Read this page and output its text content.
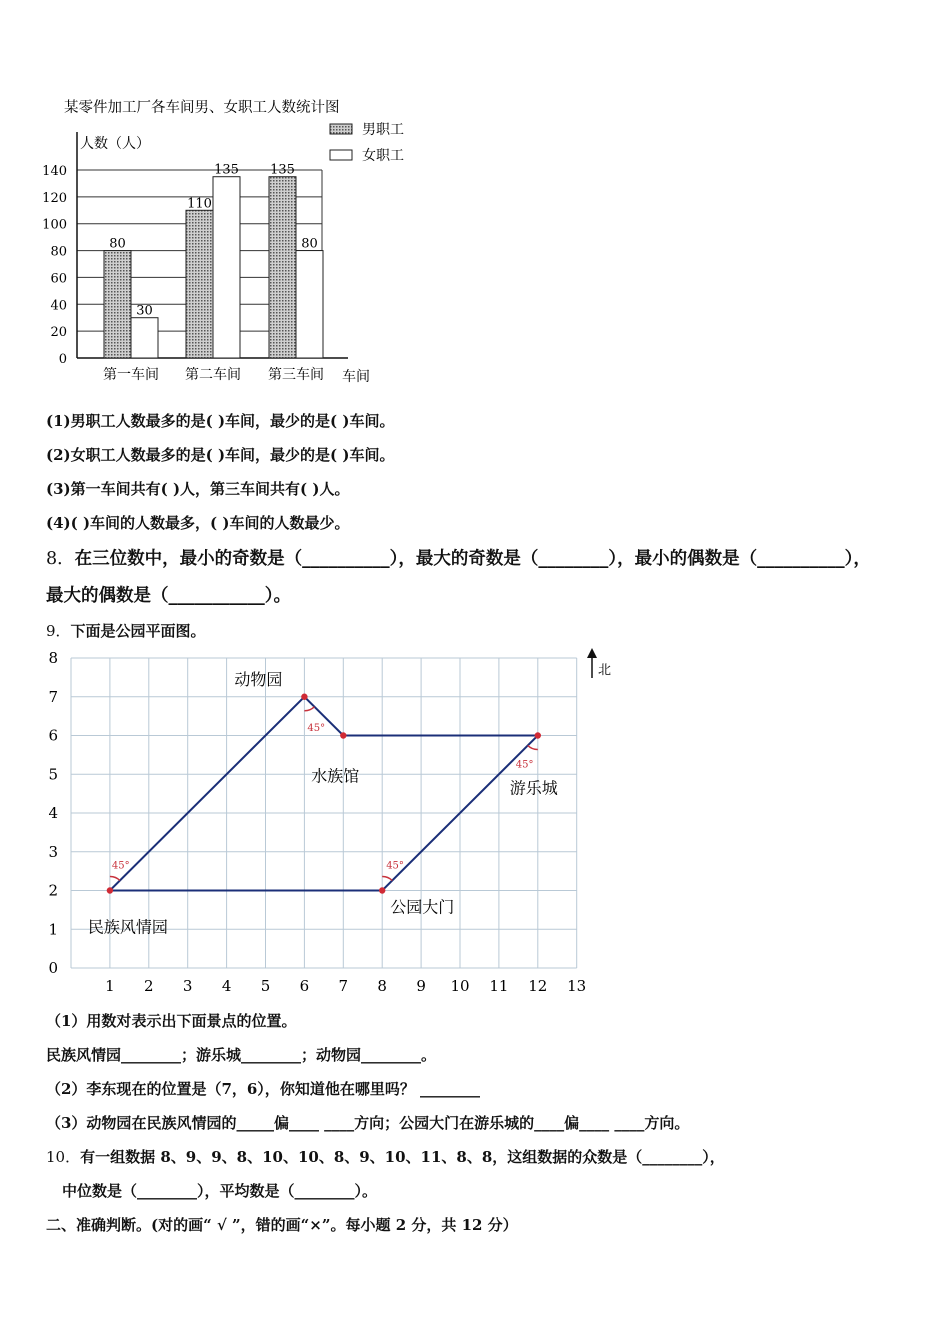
某零件加工厂各车间男、女职工人数统计图
人数（人）
车间
0
20
40
60
80
100
120
140
80
30
第一车间
110
135
第二车间
135
80
第三车间
男职工
女职工
(1)男职工人数最多的是( )车间，最少的是( )车间。
(2)女职工人数最多的是( )车间，最少的是( )车间。
(3)第一车间共有( )人，第三车间共有( )人。
(4)( )车间的人数最多，( )车间的人数最少。
8．在三位数中，最小的奇数是（__________），最大的奇数是（________），最小的偶数是（__________），
最大的偶数是（___________）。
9．下面是公园平面图。
1 2 3 4 5 6 7 8 9 10 11 12 13
0
1
2
3
4
5
6
7
8
45°	45°
45°
45°
民族风情园
动物园
水族馆
游乐城
公园大门
北
（1）用数对表示出下面景点的位置。
民族风情园________；游乐城________；动物园________。
（2）李东现在的位置是（7，6），你知道他在哪里吗？ ________
（3）动物园在民族风情园的_____偏____ ____方向；公园大门在游乐城的____偏____ ____方向。
10．有一组数据 8、9、9、8、10、10、8、9、10、11、8、8，这组数据的众数是（________），
中位数是（________），平均数是（________）。
二、准确判断。(对的画“ √ ”，错的画“×”。每小题 2 分，共 12 分）
